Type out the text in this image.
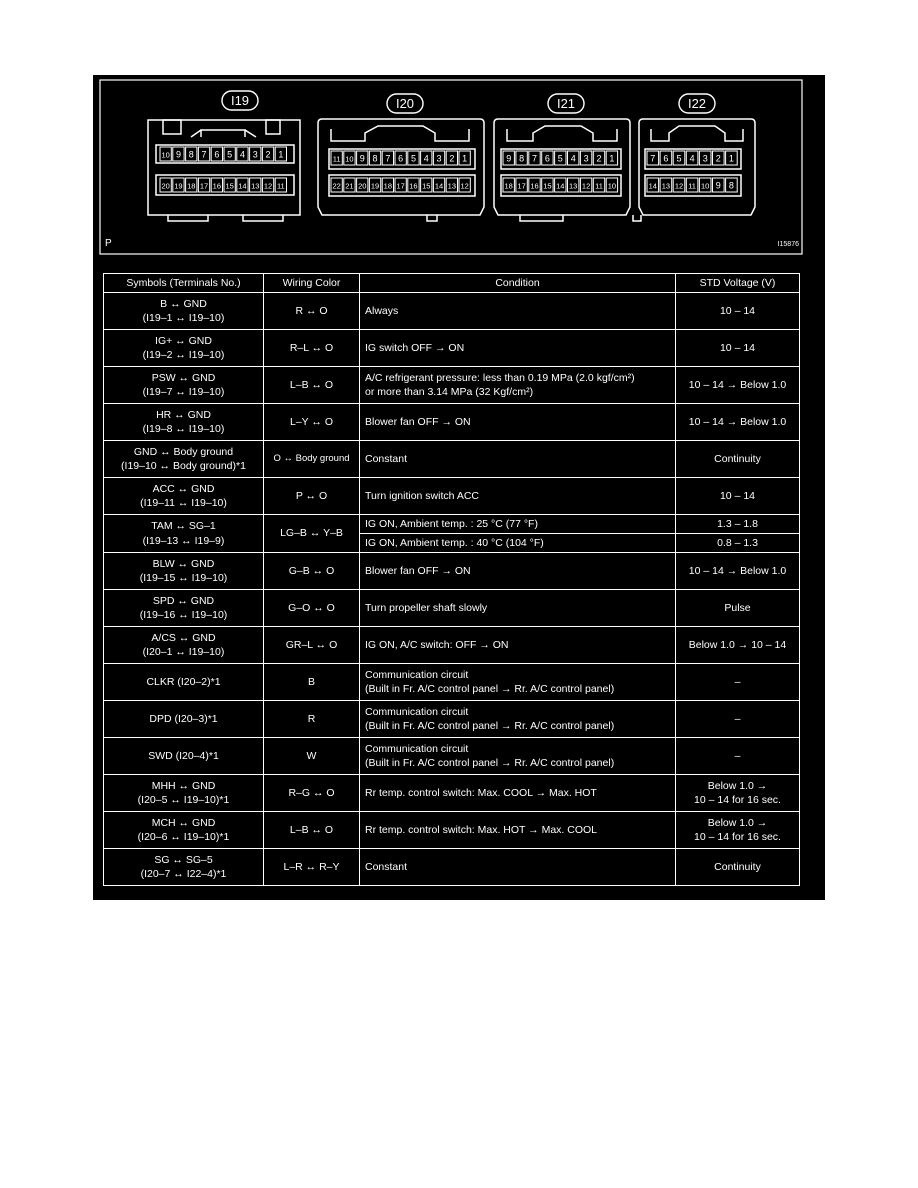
I19	I20	I21	I22
10 9 8 7 6 5 4 3 2 1
20 19 18 17 16 15 14 13 12 11
11 10 9 8 7 6 5 4 3 2 1
22 21 20 19 18 17 16 15 14 13 12
9 8 7 6 5 4 3 2 1
18 17 16 15 14 13 12 11 10
7 6 5 4 3 2 1
14 13 12 11 10 9 8
P	I15876
Symbols (Terminals No.)	Wiring Color	Condition	STD Voltage (V)

B ↔ GND
(I19–1 ↔ I19–10)	R ↔ O	Always	10 – 14

IG+ ↔ GND
(I19–2 ↔ I19–10)	R–L ↔ O	IG switch OFF → ON	10 – 14

PSW ↔ GND
(I19–7 ↔ I19–10)	L–B ↔ O	A/C refrigerant pressure: less than 0.19 MPa (2.0 kgf/cm²)
or more than 3.14 MPa (32 Kgf/cm²)	10 – 14 → Below 1.0

HR ↔ GND
(I19–8 ↔ I19–10)	L–Y ↔ O	Blower fan OFF → ON	10 – 14 → Below 1.0

GND ↔ Body ground
(I19–10 ↔ Body ground)*1	O ↔ Body ground	Constant	Continuity

ACC ↔ GND
(I19–11 ↔ I19–10)	P ↔ O	Turn ignition switch ACC	10 – 14

TAM ↔ SG–1
(I19–13 ↔ I19–9)	LG–B ↔ Y–B	IG ON, Ambient temp. : 25 °C (77 °F)	1.3 – 1.8

		IG ON, Ambient temp. : 40 °C (104 °F)	0.8 – 1.3

BLW ↔ GND
(I19–15 ↔ I19–10)	G–B ↔ O	Blower fan OFF → ON	10 – 14 → Below 1.0

SPD ↔ GND
(I19–16 ↔ I19–10)	G–O ↔ O	Turn propeller shaft slowly	Pulse

A/CS ↔ GND
(I20–1 ↔ I19–10)	GR–L ↔ O	IG ON, A/C switch: OFF → ON	Below 1.0 → 10 – 14

CLKR (I20–2)*1	B	Communication circuit
(Built in Fr. A/C control panel → Rr. A/C control panel)	–

DPD (I20–3)*1	R	Communication circuit
(Built in Fr. A/C control panel → Rr. A/C control panel)	–

SWD (I20–4)*1	W	Communication circuit
(Built in Fr. A/C control panel → Rr. A/C control panel)	–

MHH ↔ GND
(I20–5 ↔ I19–10)*1	R–G ↔ O	Rr temp. control switch: Max. COOL → Max. HOT	Below 1.0 →
10 – 14 for 16 sec.

MCH ↔ GND
(I20–6 ↔ I19–10)*1	L–B ↔ O	Rr temp. control switch: Max. HOT → Max. COOL	Below 1.0 →
10 – 14 for 16 sec.

SG ↔ SG–5
(I20–7 ↔ I22–4)*1	L–R ↔ R–Y	Constant	Continuity
